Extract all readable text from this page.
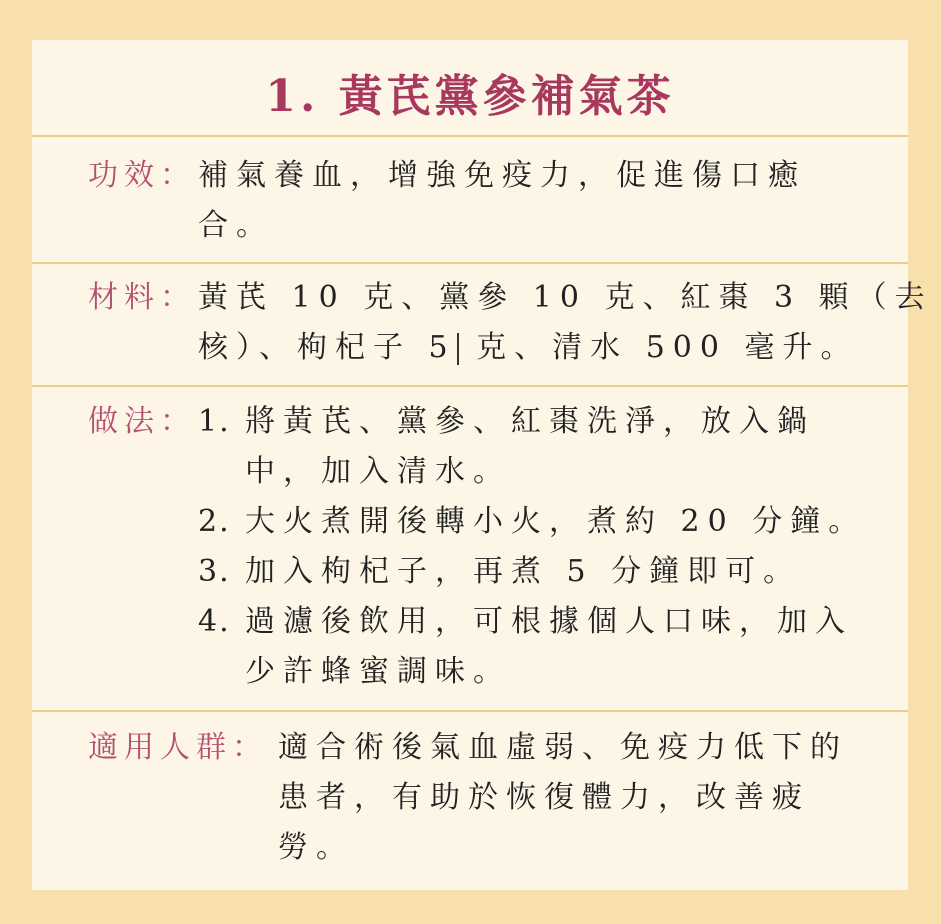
1. 黃芪黨參補氣茶
功效： 補氣養血，增強免疫力，促進傷口癒
合。
材料： 黃芪 10 克、黨參 10 克、紅棗 3 顆（去
核）、枸杞子 5 克、清水 500 毫升。
做法： 1. 將黃芪、黨參、紅棗洗淨，放入鍋
中，加入清水。
2. 大火煮開後轉小火，煮約 20 分鐘。
3. 加入枸杞子，再煮 5 分鐘即可。
4. 過濾後飲用，可根據個人口味，加入
少許蜂蜜調味。
適用人群： 適合術後氣血虛弱、免疫力低下的
患者，有助於恢復體力，改善疲
勞。
